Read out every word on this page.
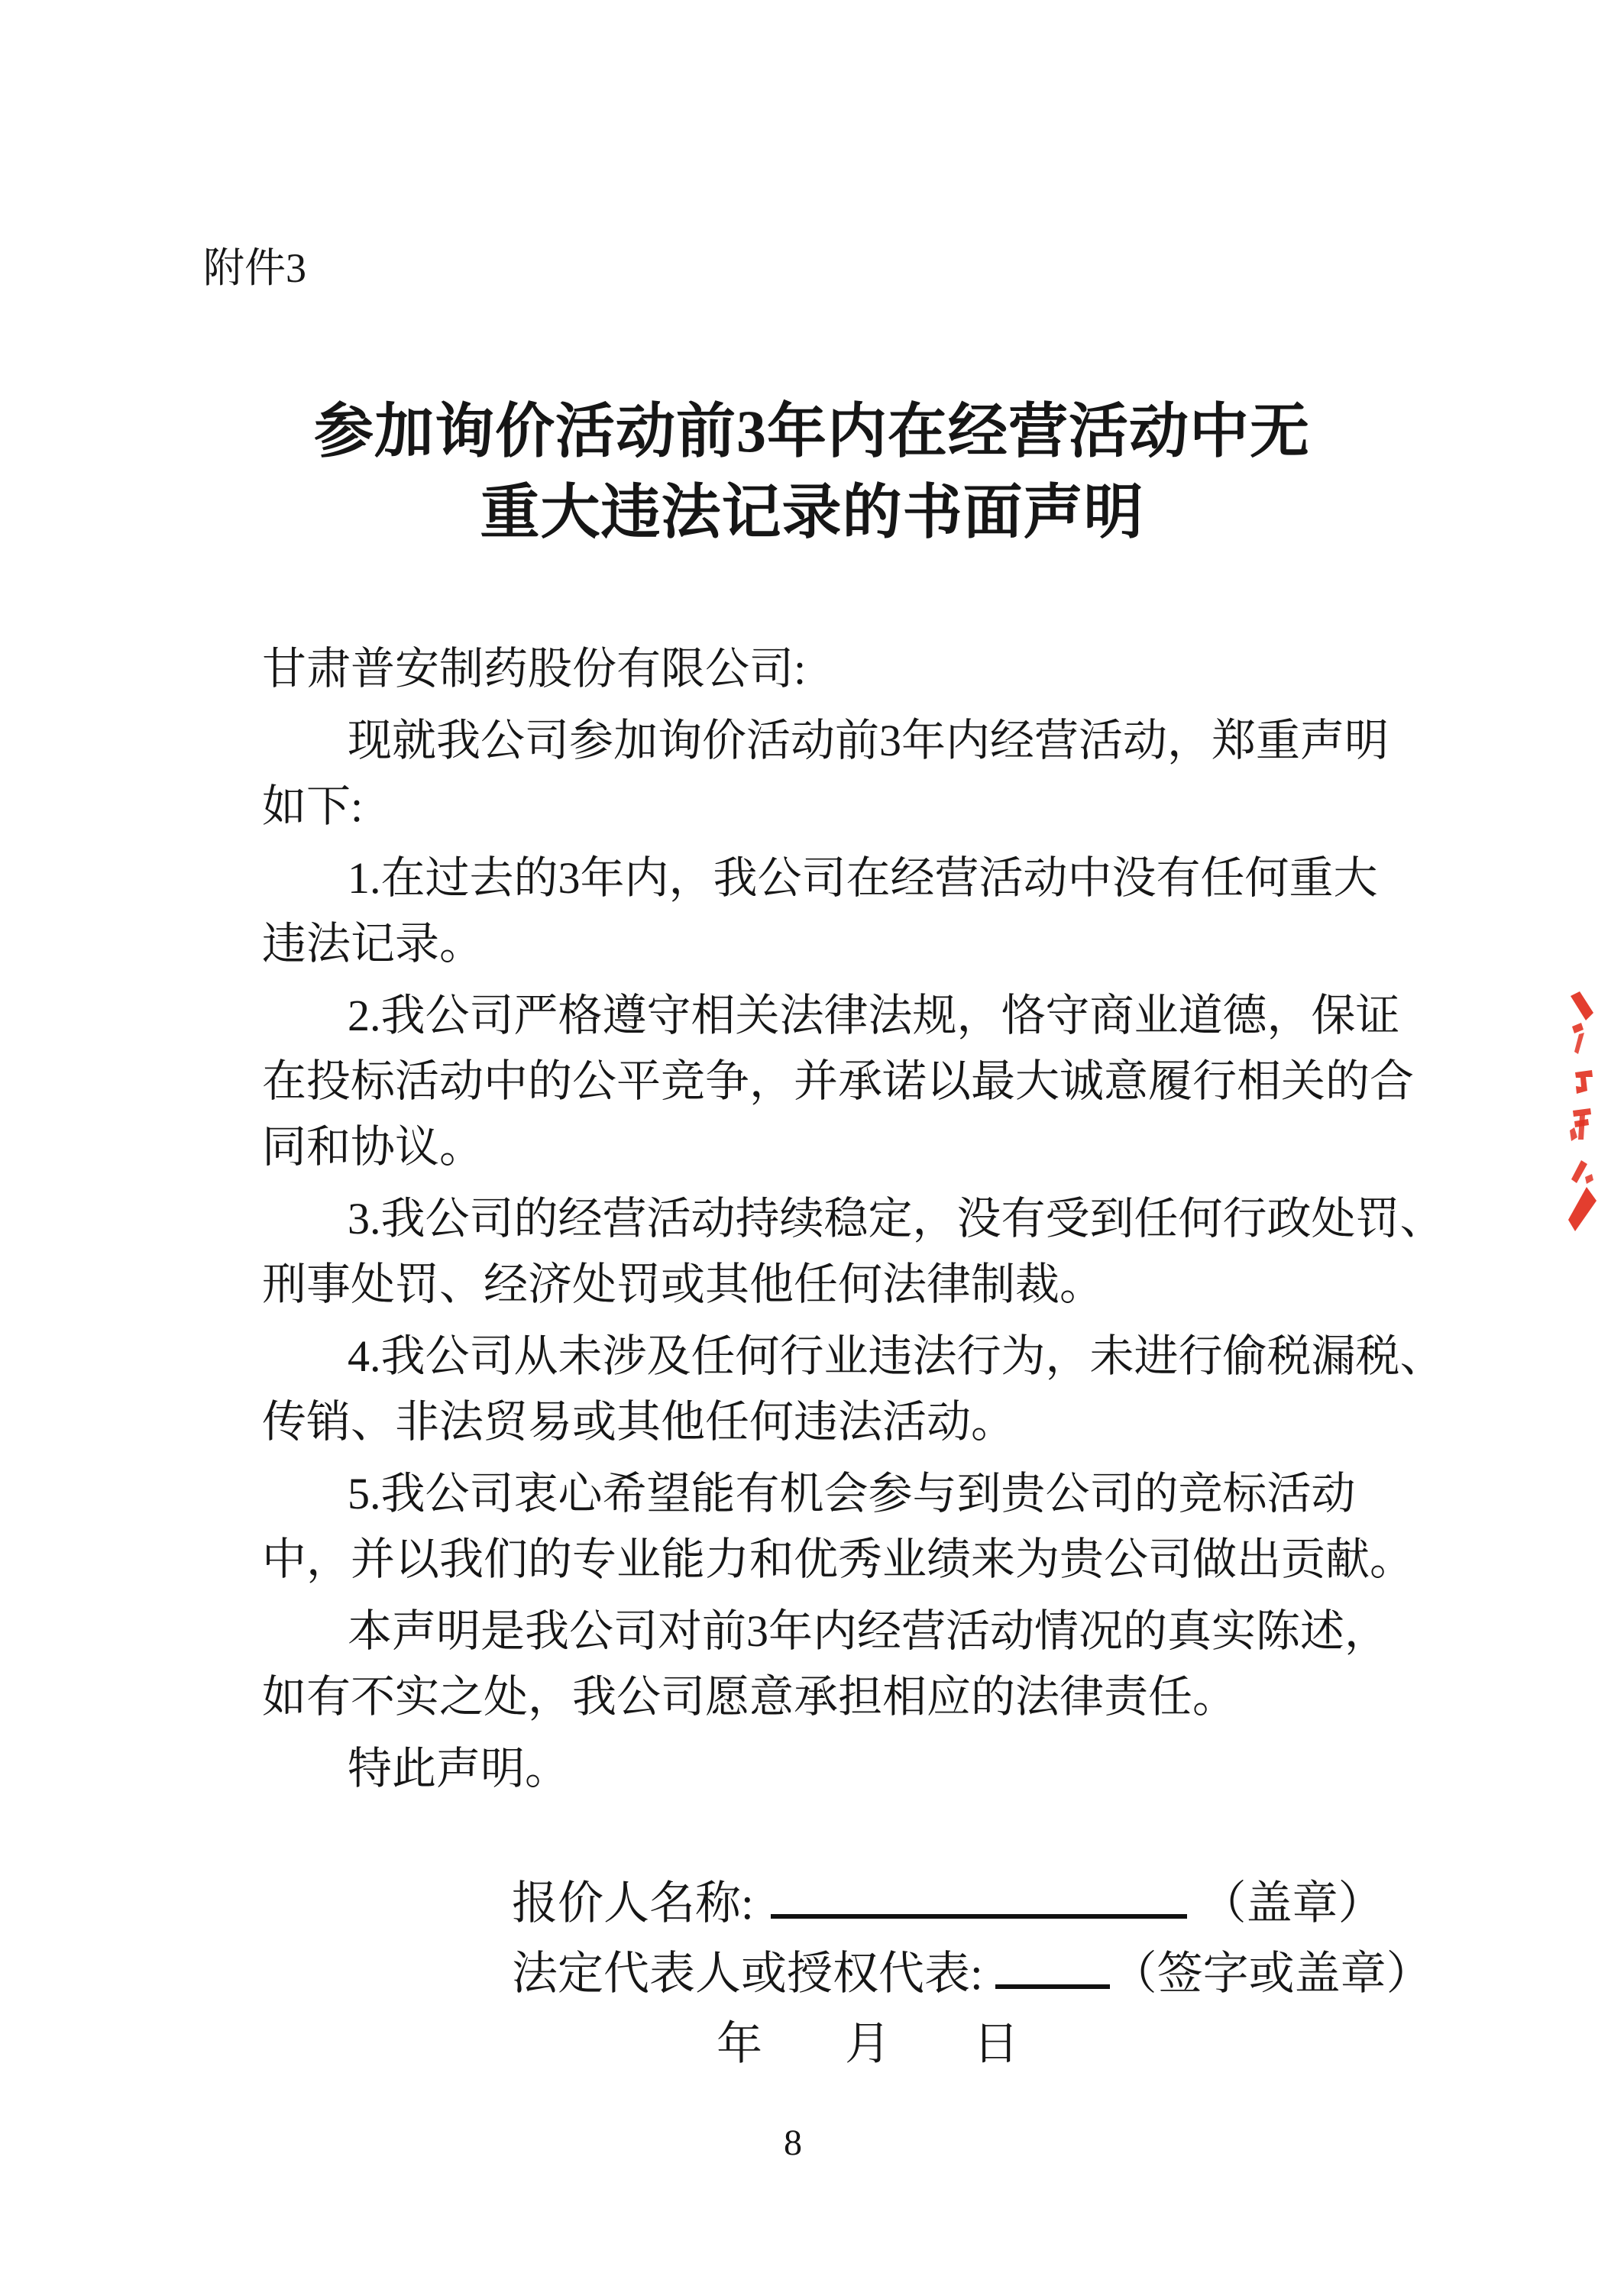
附件3
参加询价活动前3年内在经营活动中无
重大违法记录的书面声明
甘肃普安制药股份有限公司:
现就我公司参加询价活动前3年内经营活动，郑重声明
如下:
1.在过去的3年内，我公司在经营活动中没有任何重大
违法记录。
2.我公司严格遵守相关法律法规，恪守商业道德，保证
在投标活动中的公平竞争，并承诺以最大诚意履行相关的合
同和协议。
3.我公司的经营活动持续稳定，没有受到任何行政处罚、
刑事处罚、经济处罚或其他任何法律制裁。
4.我公司从未涉及任何行业违法行为，未进行偷税漏税、
传销、非法贸易或其他任何违法活动。
5.我公司衷心希望能有机会参与到贵公司的竞标活动
中，并以我们的专业能力和优秀业绩来为贵公司做出贡献。
本声明是我公司对前3年内经营活动情况的真实陈述，
如有不实之处，我公司愿意承担相应的法律责任。
特此声明。
报价人名称:	（盖章）
法定代表人或授权代表:	（签字或盖章）
年 月 日
8
